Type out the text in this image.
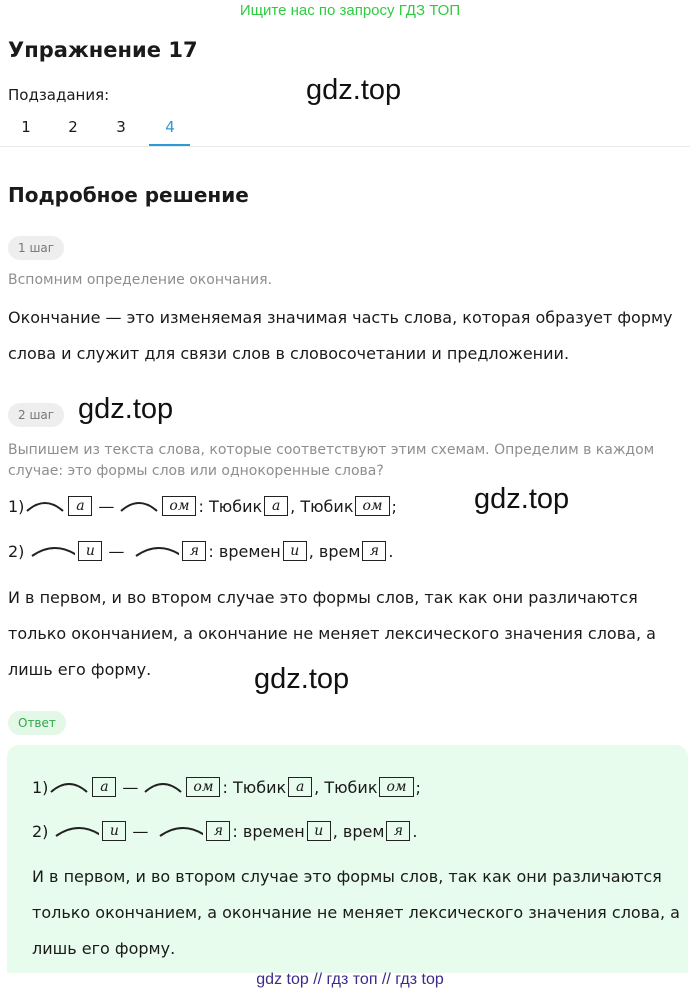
Ищите нас по запросу ГДЗ ТОП
Упражнение 17
Подзадания:	gdz.top
1	2	3	4
Подробное решение
1 шаг
Вспомним определение окончания.
Окончание — это изменяемая значимая часть слова, которая образует форму слова и служит для связи слов в словосочетании и предложении.
2 шаг gdz.top
Выпишем из текста слова, которые соответствуют этим схемам. Определим в каждом случае: это формы слов или однокоренные слова?
1)	а —	ом :
Тюбик а ,
Тюбик ом ;	gdz.top
2)	и —	я :
времен и ,
врем я .
И в первом, и во втором случае это формы слов, так как они различаются только окончанием, а окончание не меняет лексического значения слова, а лишь его форму.	gdz.top
Ответ
1)	а —	ом :
Тюбик а ,
Тюбик ом ;
2)	и —	я :
времен и ,
врем я .
И в первом, и во втором случае это формы слов, так как они различаются только окончанием, а окончание не меняет лексического значения слова, а лишь его форму.
gdz top // гдз топ // гдз top
